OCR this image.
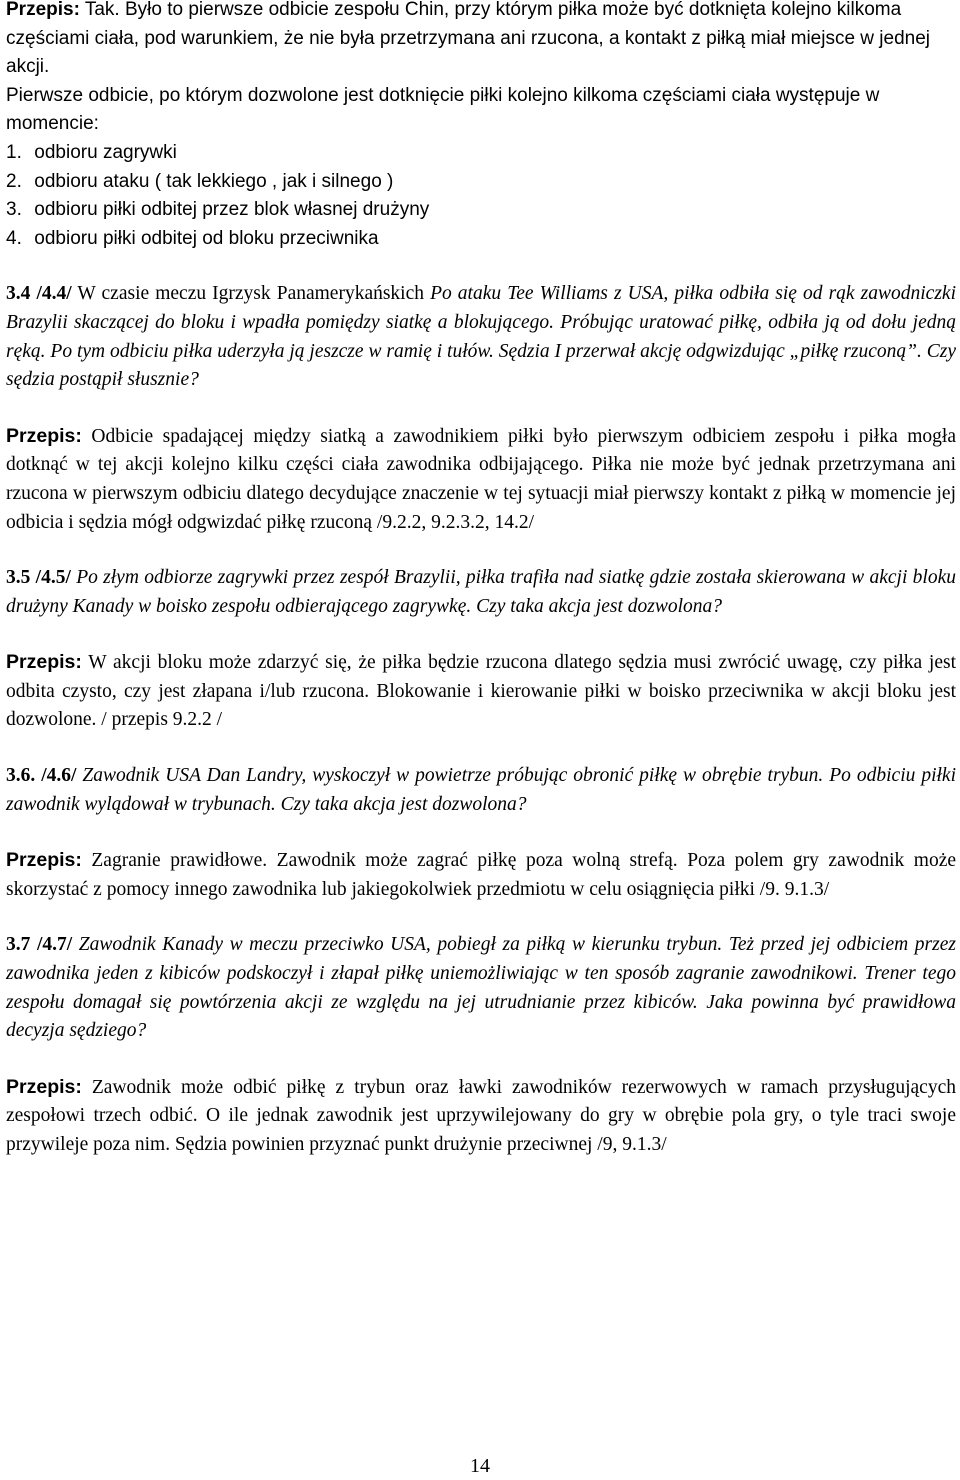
Przepis: Tak. Było to pierwsze odbicie zespołu Chin, przy którym piłka może być dotknięta kolejno kilkoma częściami ciała, pod warunkiem, że nie była przetrzymana ani rzucona, a kontakt z piłką miał miejsce w jednej akcji.

Pierwsze odbicie, po którym dozwolone jest dotknięcie piłki kolejno kilkoma częściami ciała występuje w momencie:

1. odbioru zagrywki
2. odbioru ataku ( tak lekkiego , jak i silnego )
3. odbioru piłki odbitej przez blok własnej drużyny
4. odbioru piłki odbitej od bloku przeciwnika

3.4 /4.4/ W czasie meczu Igrzysk Panamerykańskich Po ataku Tee Williams z USA, piłka odbiła się od rąk zawodniczki Brazylii skaczącej do bloku i wpadła pomiędzy siatkę a blokującego. Próbując uratować piłkę, odbiła ją od dołu jedną ręką. Po tym odbiciu piłka uderzyła ją jeszcze w ramię i tułów. Sędzia I przerwał akcję odgwizdując „piłkę rzuconą”. Czy sędzia postąpił słusznie?

Przepis: Odbicie spadającej między siatką a zawodnikiem piłki było pierwszym odbiciem zespołu i piłka mogła dotknąć w tej akcji kolejno kilku części ciała zawodnika odbijającego. Piłka nie może być jednak przetrzymana ani rzucona w pierwszym odbiciu dlatego decydujące znaczenie w tej sytuacji miał pierwszy kontakt z piłką w momencie jej odbicia i sędzia mógł odgwizdać piłkę rzuconą /9.2.2, 9.2.3.2, 14.2/

3.5 /4.5/ Po złym odbiorze zagrywki przez zespół Brazylii, piłka trafiła nad siatkę gdzie została skierowana w akcji bloku drużyny Kanady w boisko zespołu odbierającego zagrywkę. Czy taka akcja jest dozwolona?

Przepis: W akcji bloku może zdarzyć się, że piłka będzie rzucona dlatego sędzia musi zwrócić uwagę, czy piłka jest odbita czysto, czy jest złapana i/lub rzucona. Blokowanie i kierowanie piłki w boisko przeciwnika w akcji bloku jest dozwolone. / przepis 9.2.2 /

3.6. /4.6/ Zawodnik USA Dan Landry, wyskoczył w powietrze próbując obronić piłkę w obrębie trybun. Po odbiciu piłki zawodnik wylądował w trybunach. Czy taka akcja jest dozwolona?

Przepis: Zagranie prawidłowe. Zawodnik może zagrać piłkę poza wolną strefą. Poza polem gry zawodnik może skorzystać z pomocy innego zawodnika lub jakiegokolwiek przedmiotu w celu osiągnięcia piłki /9. 9.1.3/

3.7 /4.7/ Zawodnik Kanady w meczu przeciwko USA, pobiegł za piłką w kierunku trybun. Też przed jej odbiciem przez zawodnika jeden z kibiców podskoczył i złapał piłkę uniemożliwiając w ten sposób zagranie zawodnikowi. Trener tego zespołu domagał się powtórzenia akcji ze względu na jej utrudnianie przez kibiców. Jaka powinna być prawidłowa decyzja sędziego?

Przepis: Zawodnik może odbić piłkę z trybun oraz ławki zawodników rezerwowych w ramach przysługujących zespołowi trzech odbić. O ile jednak zawodnik jest uprzywilejowany do gry w obrębie pola gry, o tyle traci swoje przywileje poza nim. Sędzia powinien przyznać punkt drużynie przeciwnej /9, 9.1.3/

14
